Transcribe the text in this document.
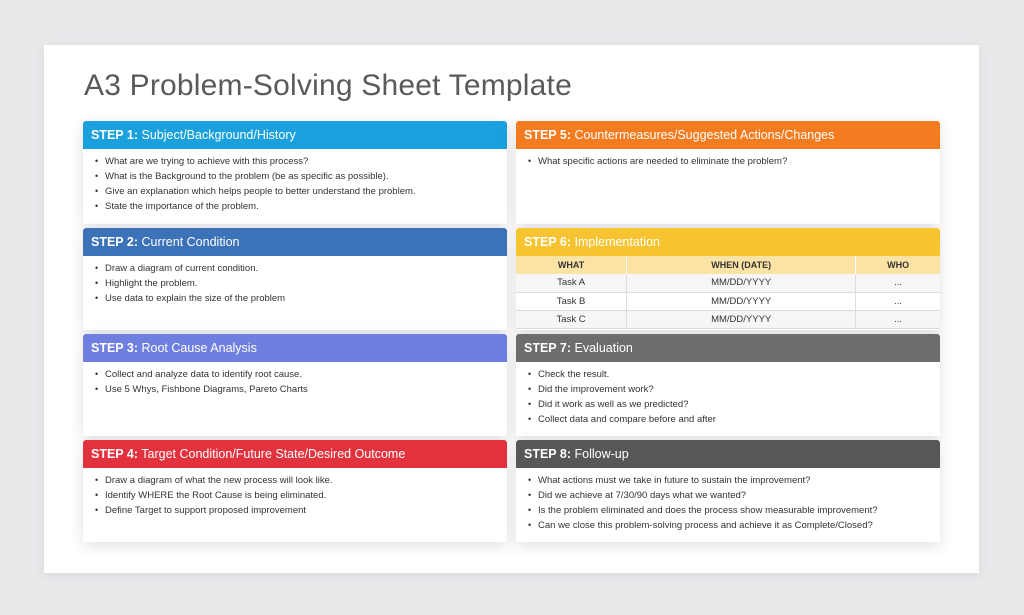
A3 Problem-Solving Sheet Template
STEP 1: Subject/Background/History
• What are we trying to achieve with this process?
• What is the Background to the problem (be as specific as possible).
• Give an explanation which helps people to better understand the problem.
• State the importance of the problem.
STEP 2: Current Condition
• Draw a diagram of current condition.
• Highlight the problem.
• Use data to explain the size of the problem
STEP 3: Root Cause Analysis
• Collect and analyze data to identify root cause.
• Use 5 Whys, Fishbone Diagrams, Pareto Charts
STEP 4: Target Condition/Future State/Desired Outcome
• Draw a diagram of what the new process will look like.
• Identify WHERE the Root Cause is being eliminated.
• Define Target to support proposed improvement
STEP 5: Countermeasures/Suggested Actions/Changes
• What specific actions are needed to eliminate the problem?
STEP 6: Implementation
WHAT	WHEN (DATE)	WHO
Task A	MM/DD/YYYY	...
Task B	MM/DD/YYYY	...
Task C	MM/DD/YYYY	...
STEP 7: Evaluation
• Check the result.
• Did the improvement work?
• Did it work as well as we predicted?
• Collect data and compare before and after
STEP 8: Follow-up
• What actions must we take in future to sustain the improvement?
• Did we achieve at 7/30/90 days what we wanted?
• Is the problem eliminated and does the process show measurable improvement?
• Can we close this problem-solving process and achieve it as Complete/Closed?
